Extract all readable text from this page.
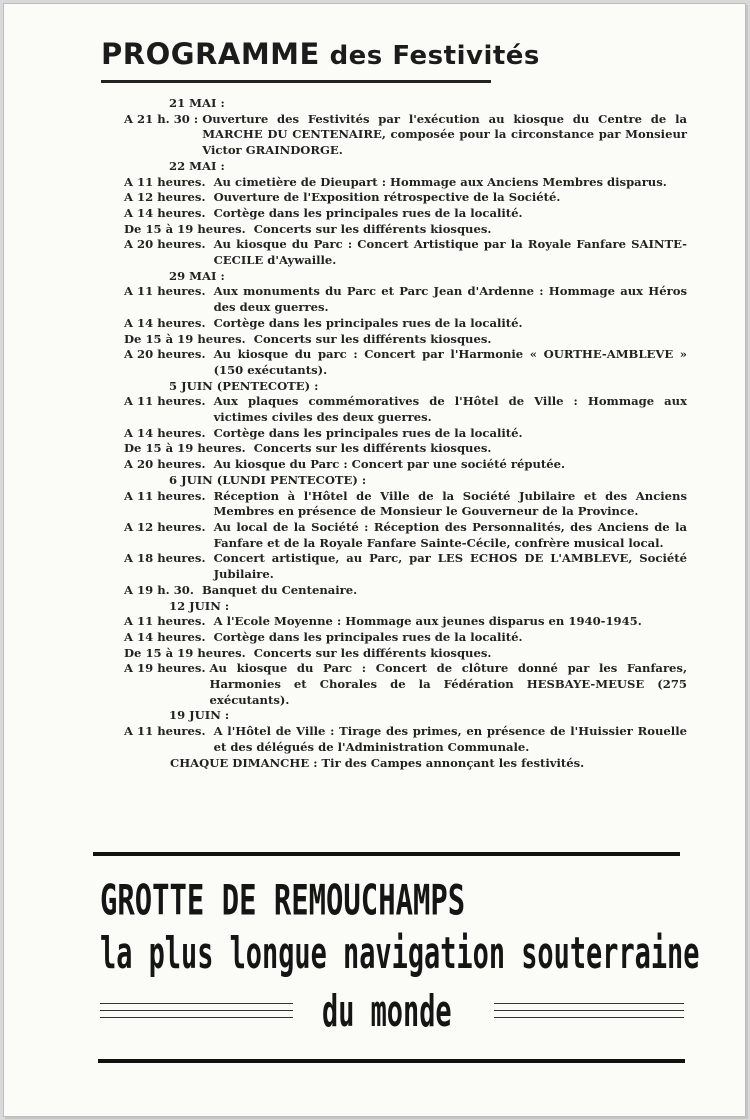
PROGRAMME des Festivités
21 MAI :
A 21 h. 30 : Ouverture des Festivités par l'exécution au kiosque du Centre de la MARCHE DU CENTENAIRE, composée pour la circonstance par Monsieur Victor GRAINDORGE.
22 MAI :
A 11 heures. Au cimetière de Dieupart : Hommage aux Anciens Membres disparus.
A 12 heures. Ouverture de l'Exposition rétrospective de la Société.
A 14 heures. Cortège dans les principales rues de la localité.
De 15 à 19 heures. Concerts sur les différents kiosques.
A 20 heures. Au kiosque du Parc : Concert Artistique par la Royale Fanfare SAINTE-CECILE d'Aywaille.
29 MAI :
A 11 heures. Aux monuments du Parc et Parc Jean d'Ardenne : Hommage aux Héros des deux guerres.
A 14 heures. Cortège dans les principales rues de la localité.
De 15 à 19 heures. Concerts sur les différents kiosques.
A 20 heures. Au kiosque du parc : Concert par l'Harmonie « OURTHE-AMBLEVE » (150 exécutants).
5 JUIN (PENTECOTE) :
A 11 heures. Aux plaques commémoratives de l'Hôtel de Ville : Hommage aux victimes civiles des deux guerres.
A 14 heures. Cortège dans les principales rues de la localité.
De 15 à 19 heures. Concerts sur les différents kiosques.
A 20 heures. Au kiosque du Parc : Concert par une société réputée.
6 JUIN (LUNDI PENTECOTE) :
A 11 heures. Réception à l'Hôtel de Ville de la Société Jubilaire et des Anciens Membres en présence de Monsieur le Gouverneur de la Province.
A 12 heures. Au local de la Société : Réception des Personnalités, des Anciens de la Fanfare et de la Royale Fanfare Sainte-Cécile, confrère musical local.
A 18 heures. Concert artistique, au Parc, par LES ECHOS DE L'AMBLEVE, Société Jubilaire.
A 19 h. 30. Banquet du Centenaire.
12 JUIN :
A 11 heures. A l'Ecole Moyenne : Hommage aux jeunes disparus en 1940-1945.
A 14 heures. Cortège dans les principales rues de la localité.
De 15 à 19 heures. Concerts sur les différents kiosques.
A 19 heures. Au kiosque du Parc : Concert de clôture donné par les Fanfares, Harmonies et Chorales de la Fédération HESBAYE-MEUSE (275 exécutants).
19 JUIN :
A 11 heures. A l'Hôtel de Ville : Tirage des primes, en présence de l'Huissier Rouelle et des délégués de l'Administration Communale.
CHAQUE DIMANCHE : Tir des Campes annonçant les festivités.
GROTTE DE REMOUCHAMPS
la plus longue navigation souterraine
du monde
